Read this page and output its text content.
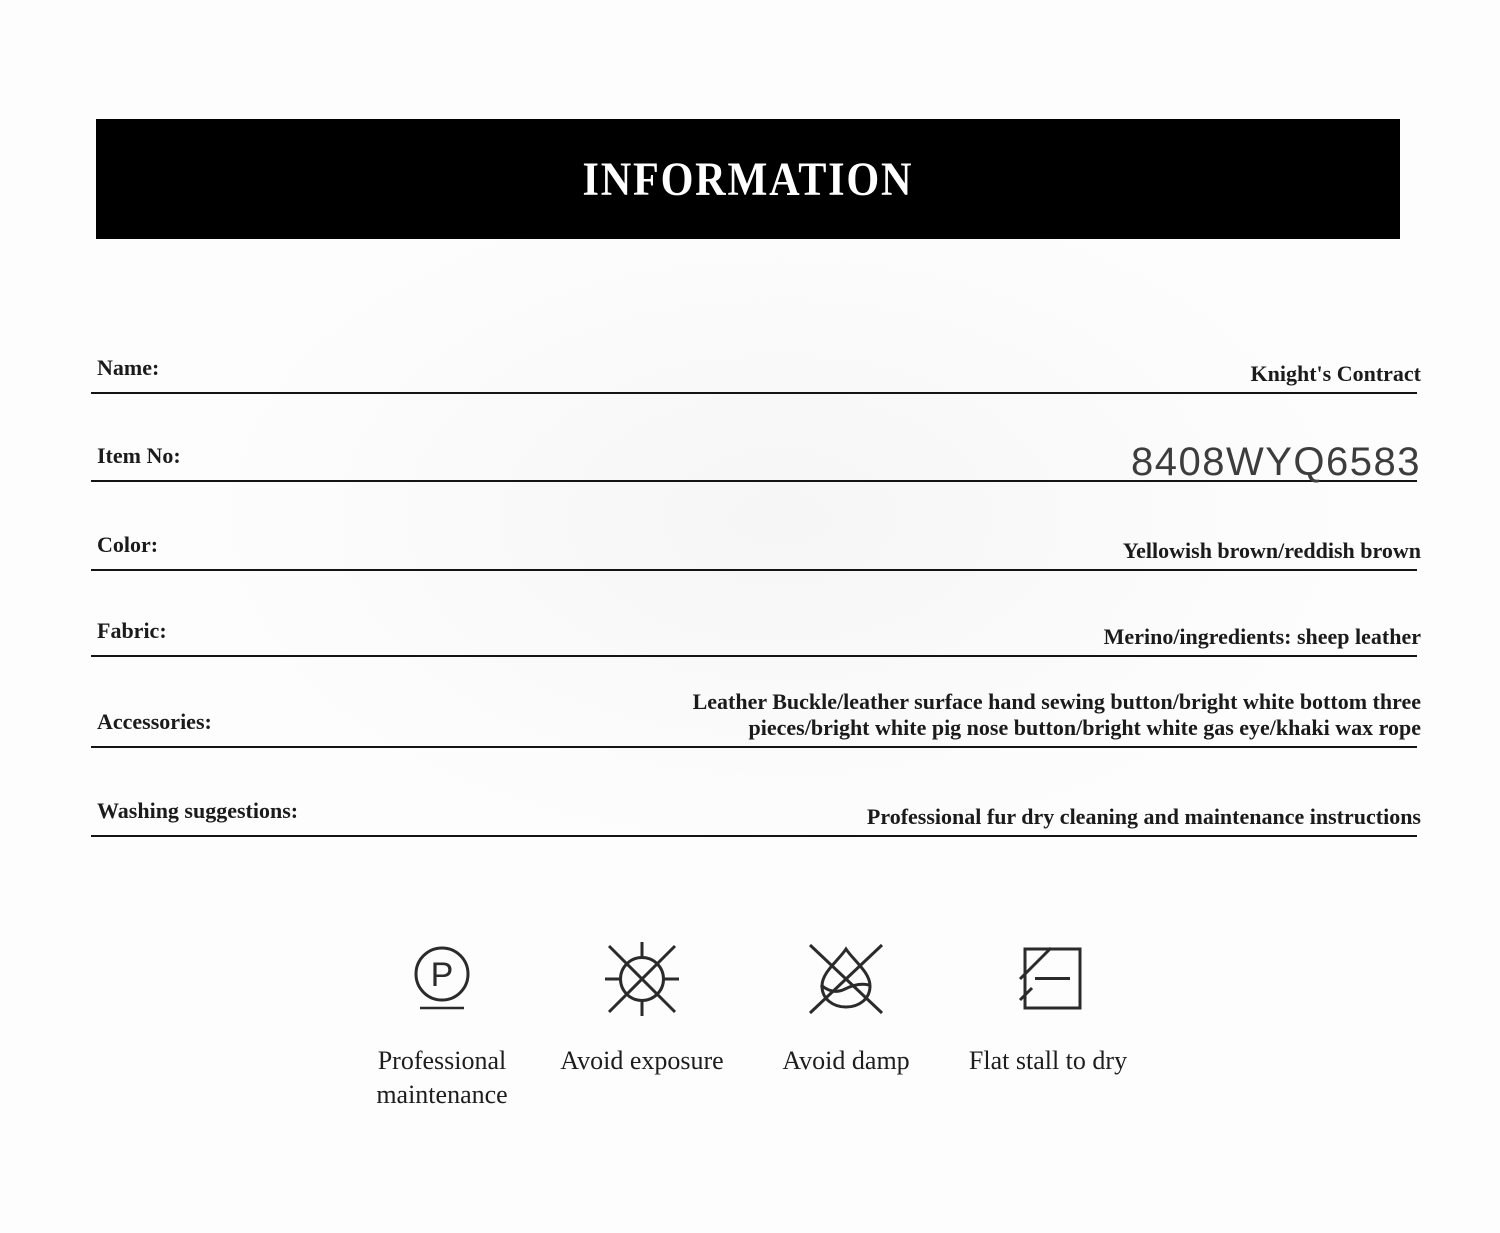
INFORMATION
Name:	Knight's Contract
Item No:	8408WYQ6583
Color:	Yellowish brown/reddish brown
Fabric:	Merino/ingredients: sheep leather
Accessories:
Leather Buckle/leather surface hand sewing button/bright white bottom three pieces/bright white pig nose button/bright white gas eye/khaki wax rope
Washing suggestions:	Professional fur dry cleaning and maintenance instructions
P
Professional maintenance
Avoid exposure	Avoid damp	Flat stall to dry
